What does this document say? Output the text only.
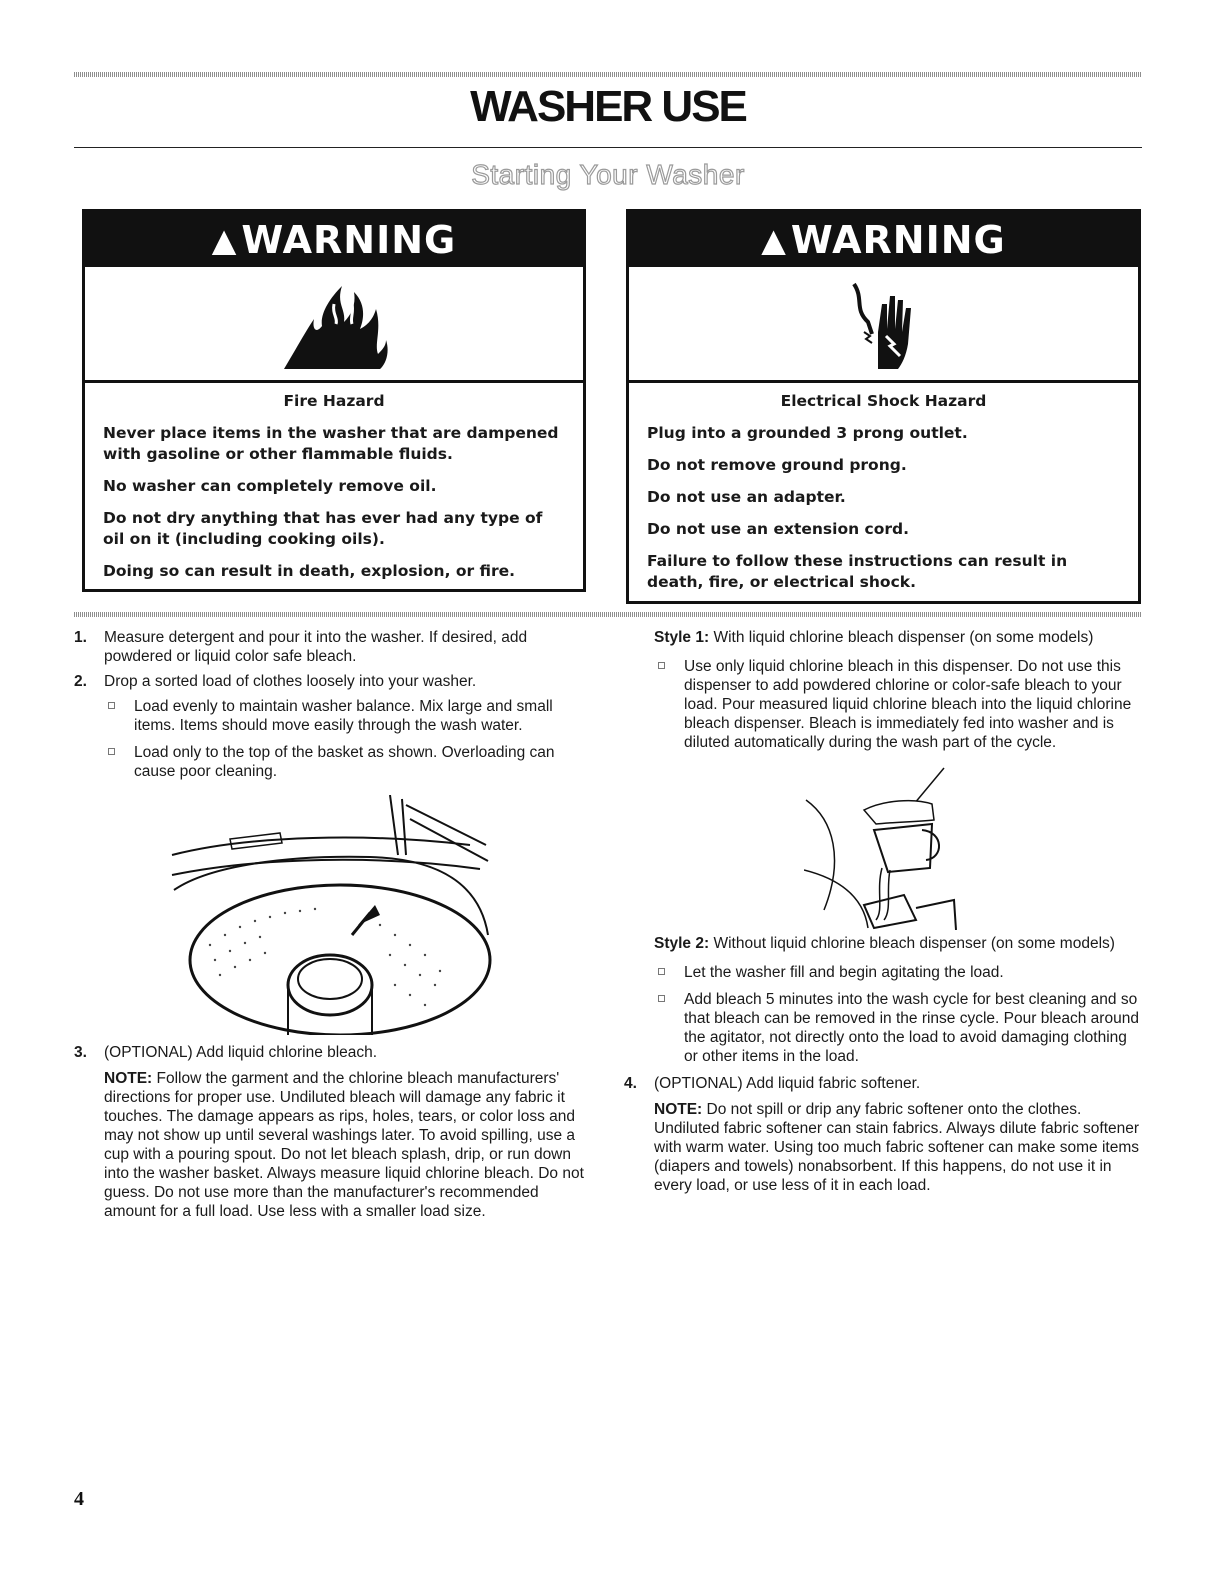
WASHER USE
Starting Your Washer
▲ WARNING
Fire Hazard

Never place items in the washer that are dampened with gasoline or other flammable fluids.

No washer can completely remove oil.

Do not dry anything that has ever had any type of oil on it (including cooking oils).

Doing so can result in death, explosion, or fire.

▲ WARNING
Electrical Shock Hazard

Plug into a grounded 3 prong outlet.

Do not remove ground prong.

Do not use an adapter.

Do not use an extension cord.

Failure to follow these instructions can result in death, fire, or electrical shock.

1. Measure detergent and pour it into the washer. If desired, add powdered or liquid color safe bleach.
2. Drop a sorted load of clothes loosely into your washer.
Load evenly to maintain washer balance. Mix large and small items. Items should move easily through the wash water.
Load only to the top of the basket as shown. Overloading can cause poor cleaning.
3. (OPTIONAL) Add liquid chlorine bleach.

NOTE: Follow the garment and the chlorine bleach manufacturers' directions for proper use. Undiluted bleach will damage any fabric it touches. The damage appears as rips, holes, tears, or color loss and may not show up until several washings later. To avoid spilling, use a cup with a pouring spout. Do not let bleach splash, drip, or run down into the washer basket. Always measure liquid chlorine bleach. Do not guess. Do not use more than the manufacturer's recommended amount for a full load. Use less with a smaller load size.

Style 1: With liquid chlorine bleach dispenser (on some models)

Use only liquid chlorine bleach in this dispenser. Do not use this dispenser to add powdered chlorine or color-safe bleach to your load. Pour measured liquid chlorine bleach into the liquid chlorine bleach dispenser. Bleach is immediately fed into washer and is diluted automatically during the wash part of the cycle.

Style 2: Without liquid chlorine bleach dispenser (on some models)

Let the washer fill and begin agitating the load.
Add bleach 5 minutes into the wash cycle for best cleaning and so that bleach can be removed in the rinse cycle. Pour bleach around the agitator, not directly onto the load to avoid damaging clothing or other items in the load.
4. (OPTIONAL) Add liquid fabric softener.

NOTE: Do not spill or drip any fabric softener onto the clothes. Undiluted fabric softener can stain fabrics. Always dilute fabric softener with warm water. Using too much fabric softener can make some items (diapers and towels) nonabsorbent. If this happens, do not use it in every load, or use less of it in each load.

4
